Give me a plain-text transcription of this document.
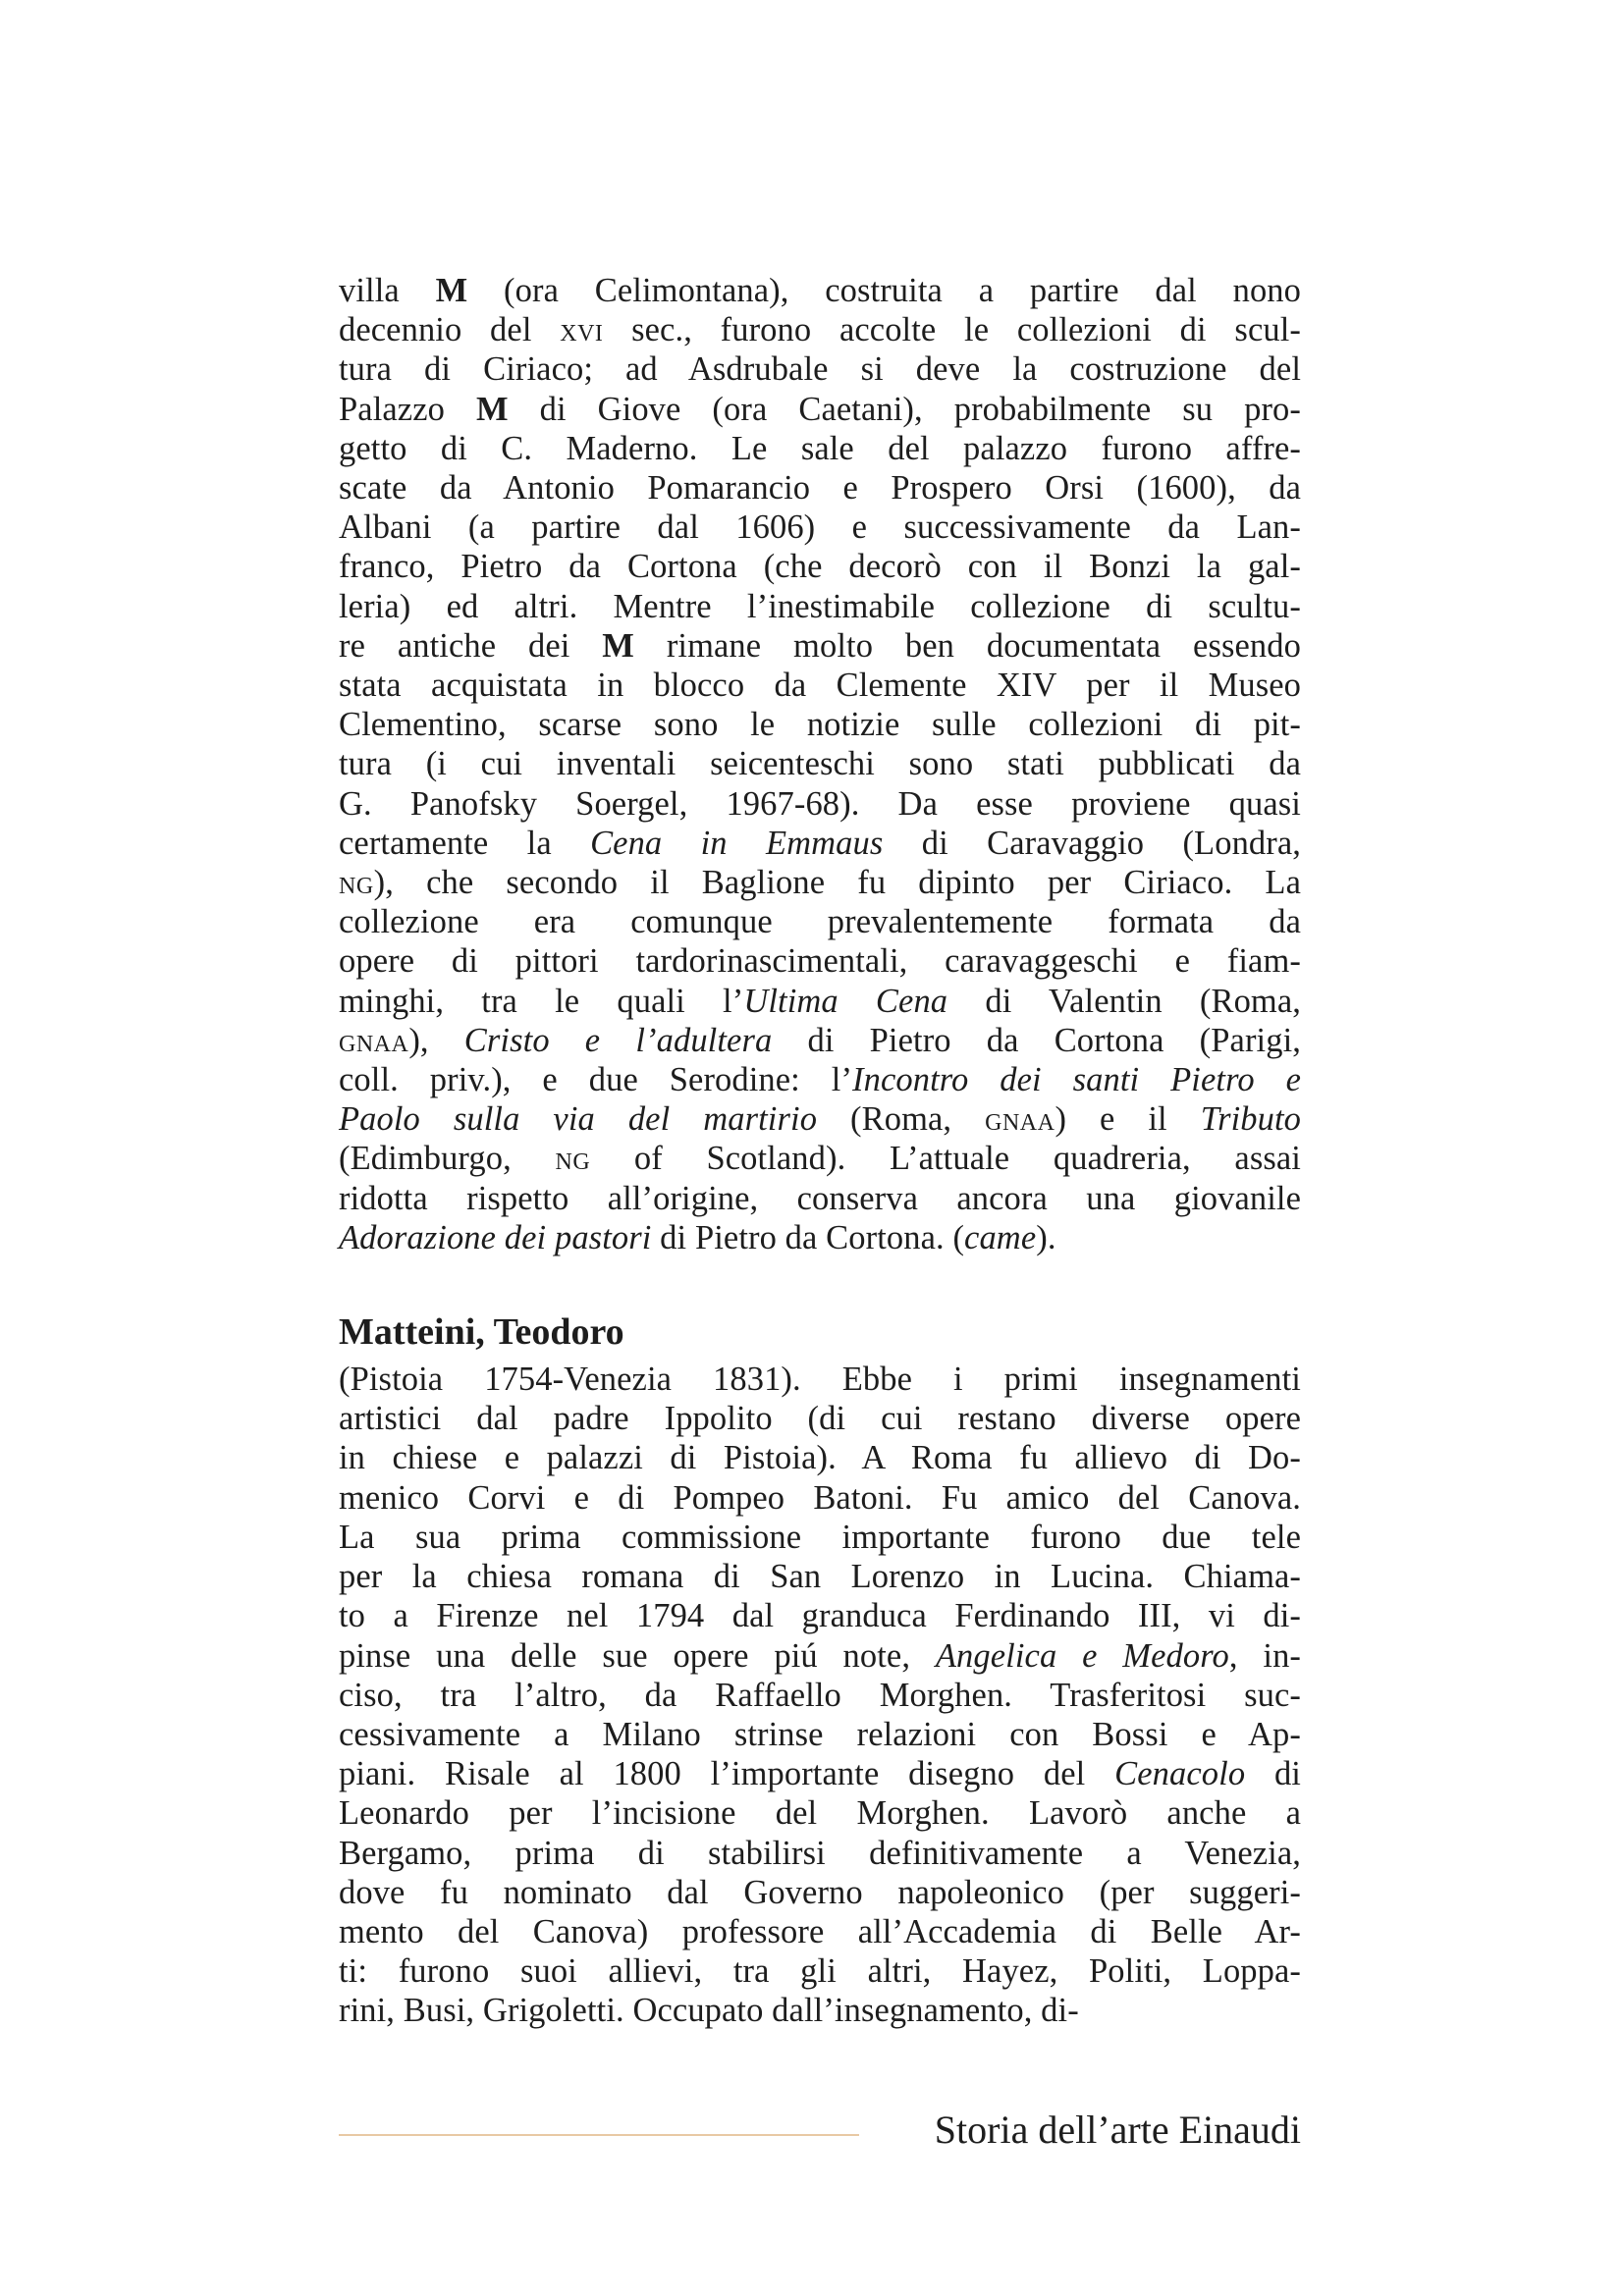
villa M (ora Celimontana), costruita a partire dal nono

decennio del xvi sec., furono accolte le collezioni di scul-

tura di Ciriaco; ad Asdrubale si deve la costruzione del

Palazzo M di Giove (ora Caetani), probabilmente su pro-

getto di C. Maderno. Le sale del palazzo furono affre-

scate da Antonio Pomarancio e Prospero Orsi (1600), da

Albani (a partire dal 1606) e successivamente da Lan-

franco, Pietro da Cortona (che decorò con il Bonzi la gal-

leria) ed altri. Mentre l’inestimabile collezione di scultu-

re antiche dei M rimane molto ben documentata essendo

stata acquistata in blocco da Clemente XIV per il Museo

Clementino, scarse sono le notizie sulle collezioni di pit-

tura (i cui inventali seicenteschi sono stati pubblicati da

G. Panofsky Soergel, 1967-68). Da esse proviene quasi

certamente la Cena in Emmaus di Caravaggio (Londra,

ng), che secondo il Baglione fu dipinto per Ciriaco. La

collezione era comunque prevalentemente formata da

opere di pittori tardorinascimentali, caravaggeschi e fiam-

minghi, tra le quali l’Ultima Cena di Valentin (Roma,

gnaa), Cristo e l’adultera di Pietro da Cortona (Parigi,

coll. priv.), e due Serodine: l’Incontro dei santi Pietro e

Paolo sulla via del martirio (Roma, gnaa) e il Tributo

(Edimburgo, ng of Scotland). L’attuale quadreria, assai

ridotta rispetto all’origine, conserva ancora una giovanile

Adorazione dei pastori di Pietro da Cortona. (came).

Matteini, Teodoro

(Pistoia 1754-Venezia 1831). Ebbe i primi insegnamenti

artistici dal padre Ippolito (di cui restano diverse opere

in chiese e palazzi di Pistoia). A Roma fu allievo di Do-

menico Corvi e di Pompeo Batoni. Fu amico del Canova.

La sua prima commissione importante furono due tele

per la chiesa romana di San Lorenzo in Lucina. Chiama-

to a Firenze nel 1794 dal granduca Ferdinando III, vi di-

pinse una delle sue opere piú note, Angelica e Medoro, in-

ciso, tra l’altro, da Raffaello Morghen. Trasferitosi suc-

cessivamente a Milano strinse relazioni con Bossi e Ap-

piani. Risale al 1800 l’importante disegno del Cenacolo di

Leonardo per l’incisione del Morghen. Lavorò anche a

Bergamo, prima di stabilirsi definitivamente a Venezia,

dove fu nominato dal Governo napoleonico (per suggeri-

mento del Canova) professore all’Accademia di Belle Ar-

ti: furono suoi allievi, tra gli altri, Hayez, Politi, Loppa-

rini, Busi, Grigoletti. Occupato dall’insegnamento, di-

Storia dell’arte Einaudi
